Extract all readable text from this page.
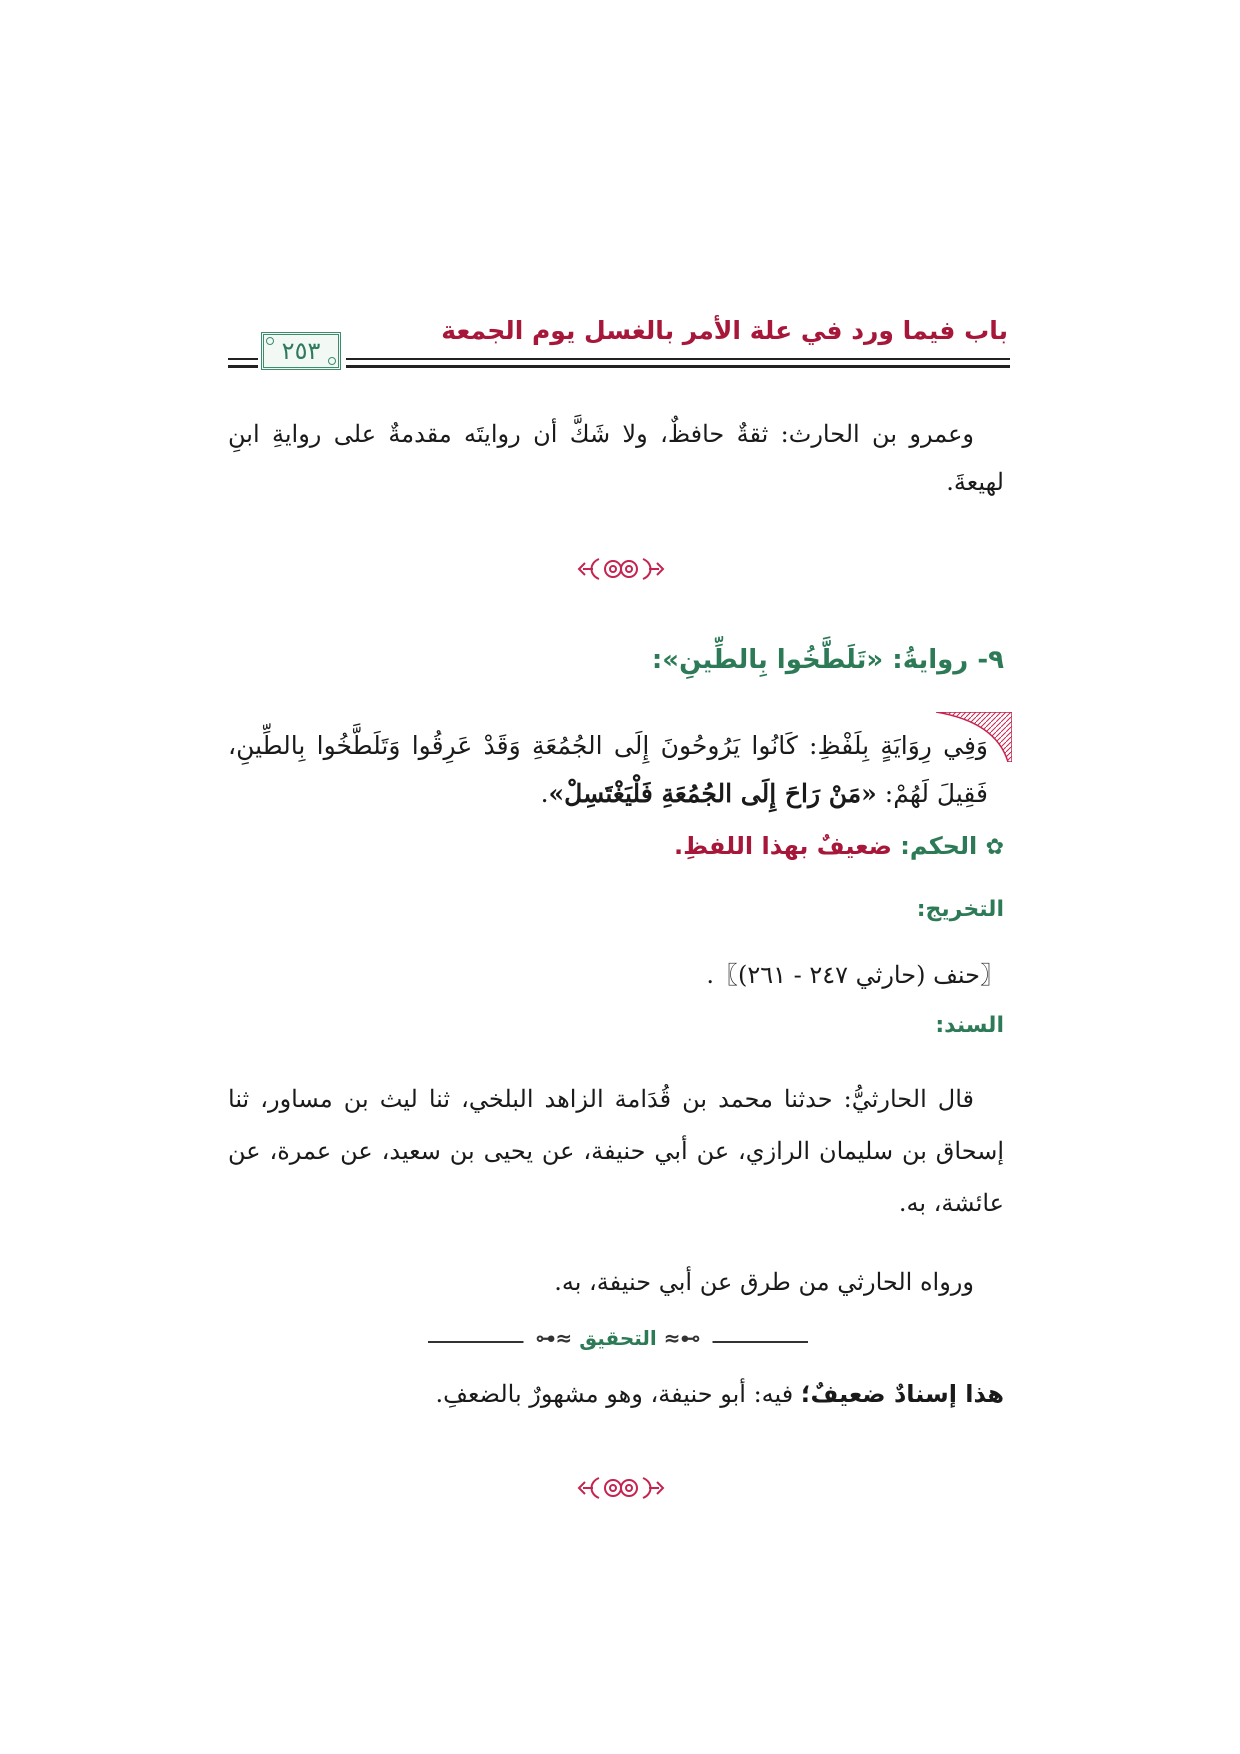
باب فيما ورد في علة الأمر بالغسل يوم الجمعة
٢٥٣
وعمرو بن الحارث: ثقةٌ حافظٌ، ولا شَكَّ أن روايتَه مقدمةٌ على روايةِ ابنِ لهيعةَ.
٩- روايةُ: «تَلَطَّخُوا بِالطِّينِ»:
وَفِي رِوَايَةٍ بِلَفْظِ: كَانُوا يَرُوحُونَ إِلَى الجُمُعَةِ وَقَدْ عَرِقُوا وَتَلَطَّخُوا بِالطِّينِ، فَقِيلَ لَهُمْ: «مَنْ رَاحَ إِلَى الجُمُعَةِ فَلْيَغْتَسِلْ».
✿ الحكم: ضعيفٌ بهذا اللفظِ.
التخريج:
〖حنف (حارثي ٢٤٧ - ٢٦١)〗.
السند:
قال الحارثيُّ: حدثنا محمد بن قُدَامة الزاهد البلخي، ثنا ليث بن مساور، ثنا إسحاق بن سليمان الرازي، عن أبي حنيفة، عن يحيى بن سعيد، عن عمرة، عن عائشة، به.
ورواه الحارثي من طرق عن أبي حنيفة، به.
⊶≈ التحقيق ≈⊷
هذا إسنادٌ ضعيفٌ؛ فيه: أبو حنيفة، وهو مشهورٌ بالضعفِ.
